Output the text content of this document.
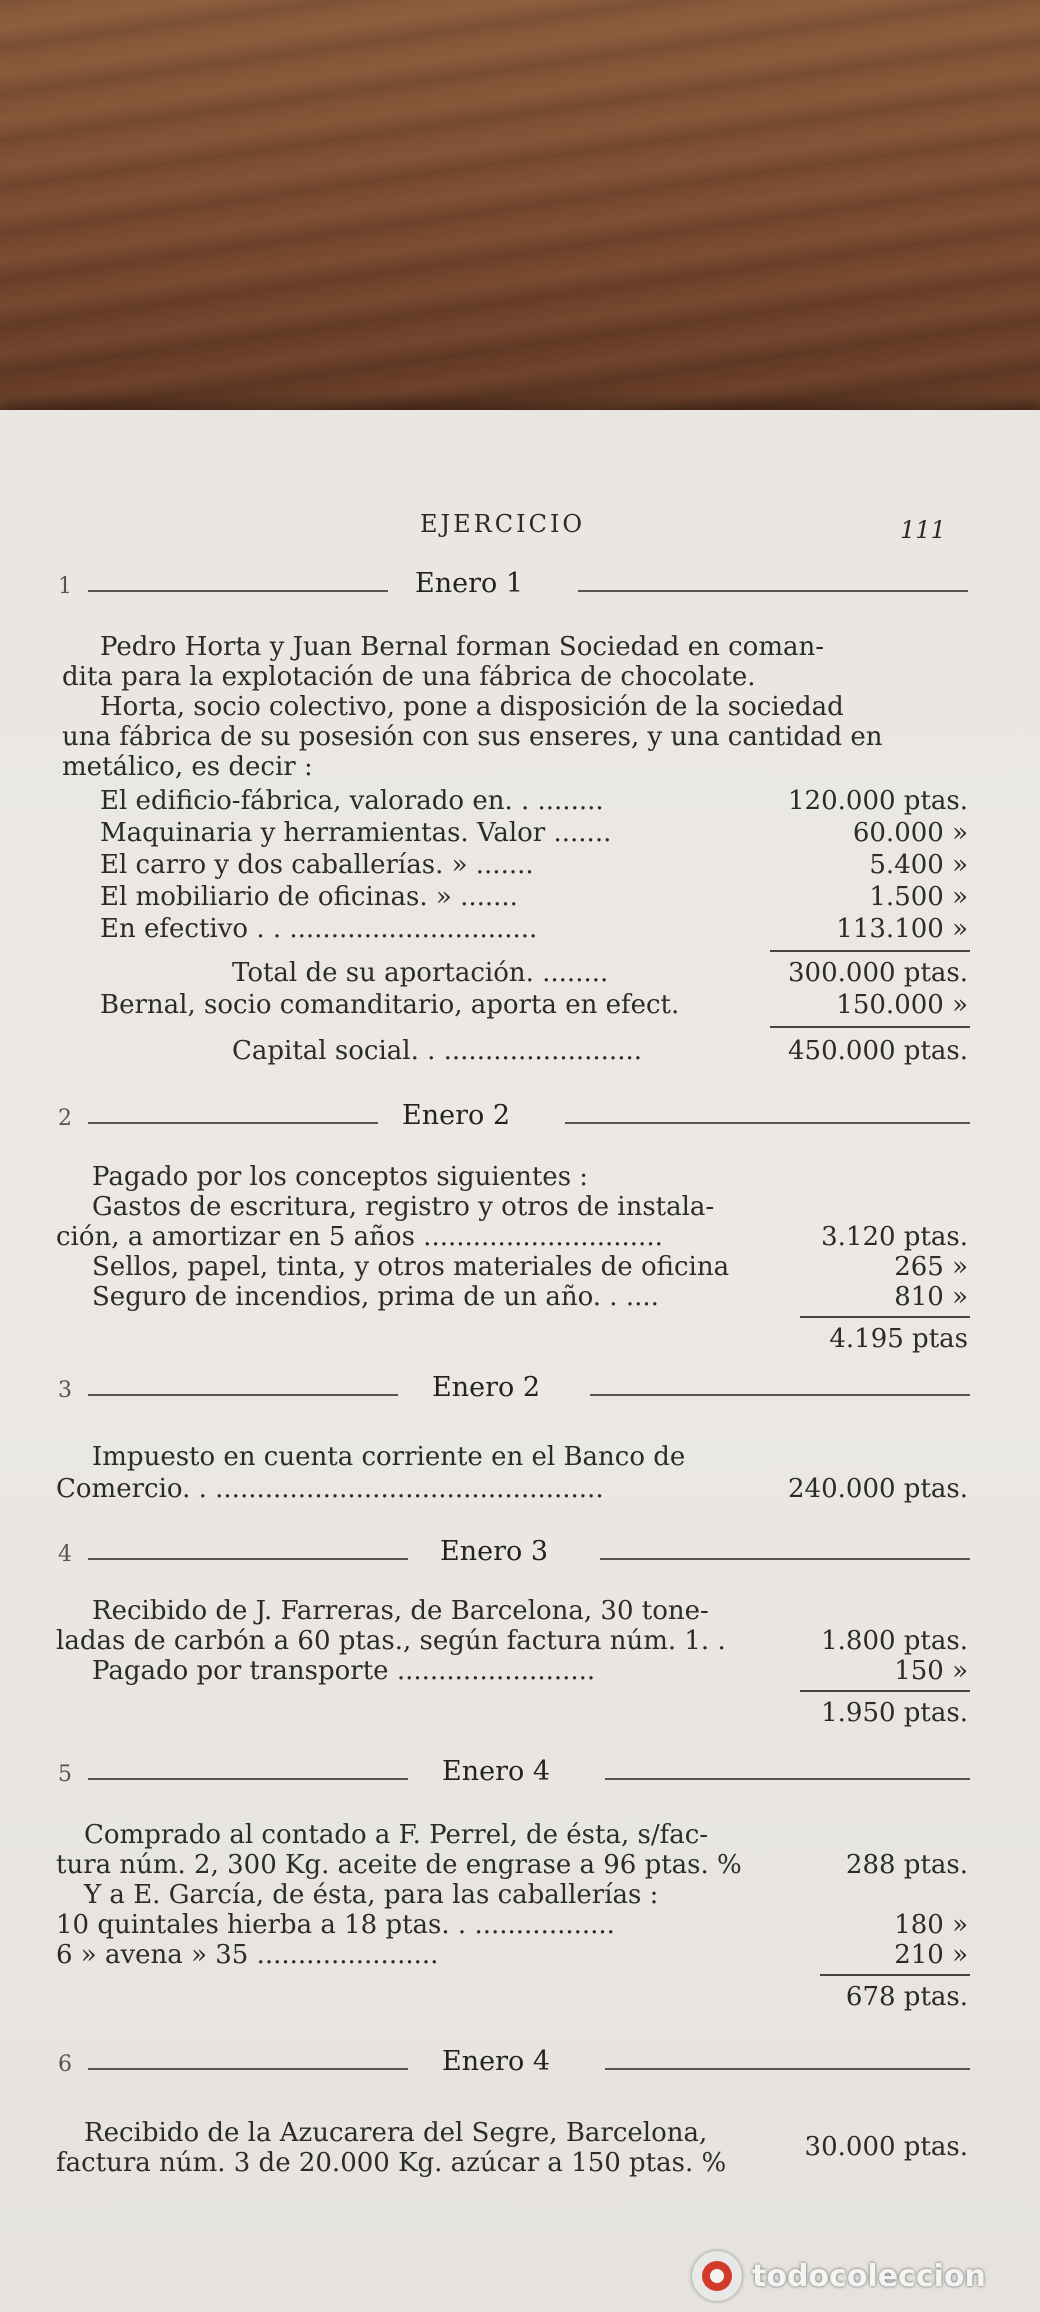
EJERCICIO	111
1	Enero 1
Pedro Horta y Juan Bernal forman Sociedad en coman-
dita para la explotación de una fábrica de chocolate.
Horta, socio colectivo, pone a disposición de la sociedad
una fábrica de su posesión con sus enseres, y una cantidad en
metálico, es decir :
El edificio-fábrica, valorado en. . ........	120.000 ptas.
Maquinaria y herramientas. Valor .......	60.000 »
El carro y dos caballerías. » .......	5.400 »
El mobiliario de oficinas. » .......	1.500 »
En efectivo . . ..............................	113.100 »
Total de su aportación. ........	300.000 ptas.
Bernal, socio comanditario, aporta en efect.	150.000 »
Capital social. . ........................	450.000 ptas.
2	Enero 2
Pagado por los conceptos siguientes :
Gastos de escritura, registro y otros de instala-
ción, a amortizar en 5 años .............................	3.120 ptas.
Sellos, papel, tinta, y otros materiales de oficina	265 »
Seguro de incendios, prima de un año. . ....	810 »
4.195 ptas
3	Enero 2
Impuesto en cuenta corriente en el Banco de
Comercio. . ...............................................	240.000 ptas.
4	Enero 3
Recibido de J. Farreras, de Barcelona, 30 tone-
ladas de carbón a 60 ptas., según factura núm. 1. .	1.800 ptas.
Pagado por transporte ........................	150 »
1.950 ptas.
5	Enero 4
Comprado al contado a F. Perrel, de ésta, s/fac-
tura núm. 2, 300 Kg. aceite de engrase a 96 ptas. %	288 ptas.
Y a E. García, de ésta, para las caballerías :
10 quintales hierba a 18 ptas. . .................	180 »
6 » avena » 35 ......................	210 »
678 ptas.
6	Enero 4
Recibido de la Azucarera del Segre, Barcelona,
factura núm. 3 de 20.000 Kg. azúcar a 150 ptas. %
30.000 ptas.
todocoleccion
